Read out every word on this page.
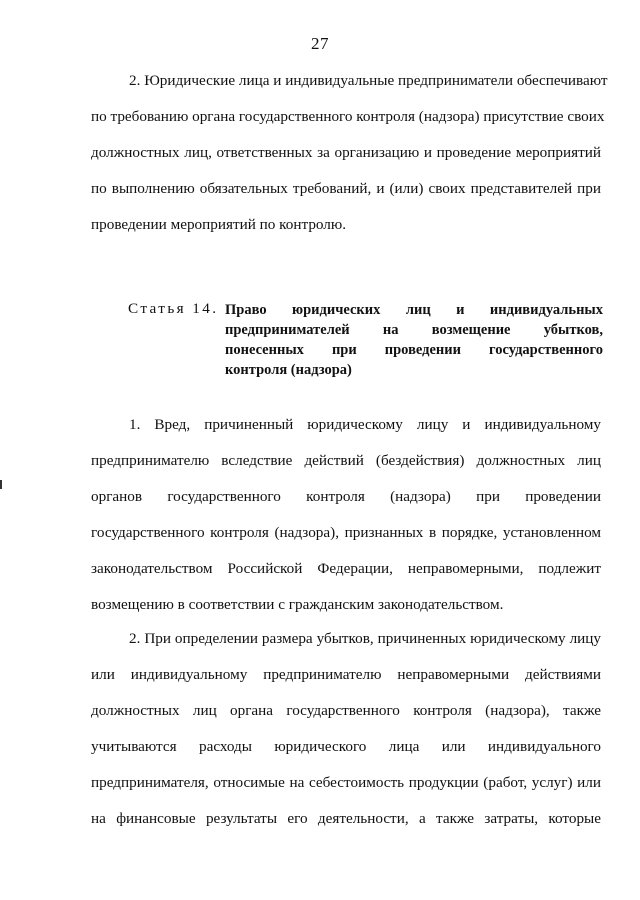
27
2. Юридические лица и индивидуальные предприниматели обеспечивают
по требованию органа государственного контроля (надзора) присутствие своих
должностных лиц, ответственных за организацию и проведение мероприятий
по выполнению обязательных требований, и (или) своих представителей при
проведении мероприятий по контролю.
Статья 14. Право юридических лиц и индивидуальных
предпринимателей на возмещение убытков,
понесенных при проведении государственного
контроля (надзора)
1. Вред, причиненный юридическому лицу и индивидуальному
предпринимателю вследствие действий (бездействия) должностных лиц
органов государственного контроля (надзора) при проведении
государственного контроля (надзора), признанных в порядке, установленном
законодательством Российской Федерации, неправомерными, подлежит
возмещению в соответствии с гражданским законодательством.
2. При определении размера убытков, причиненных юридическому лицу
или индивидуальному предпринимателю неправомерными действиями
должностных лиц органа государственного контроля (надзора), также
учитываются расходы юридического лица или индивидуального
предпринимателя, относимые на себестоимость продукции (работ, услуг) или
на финансовые результаты его деятельности, а также затраты, которые
